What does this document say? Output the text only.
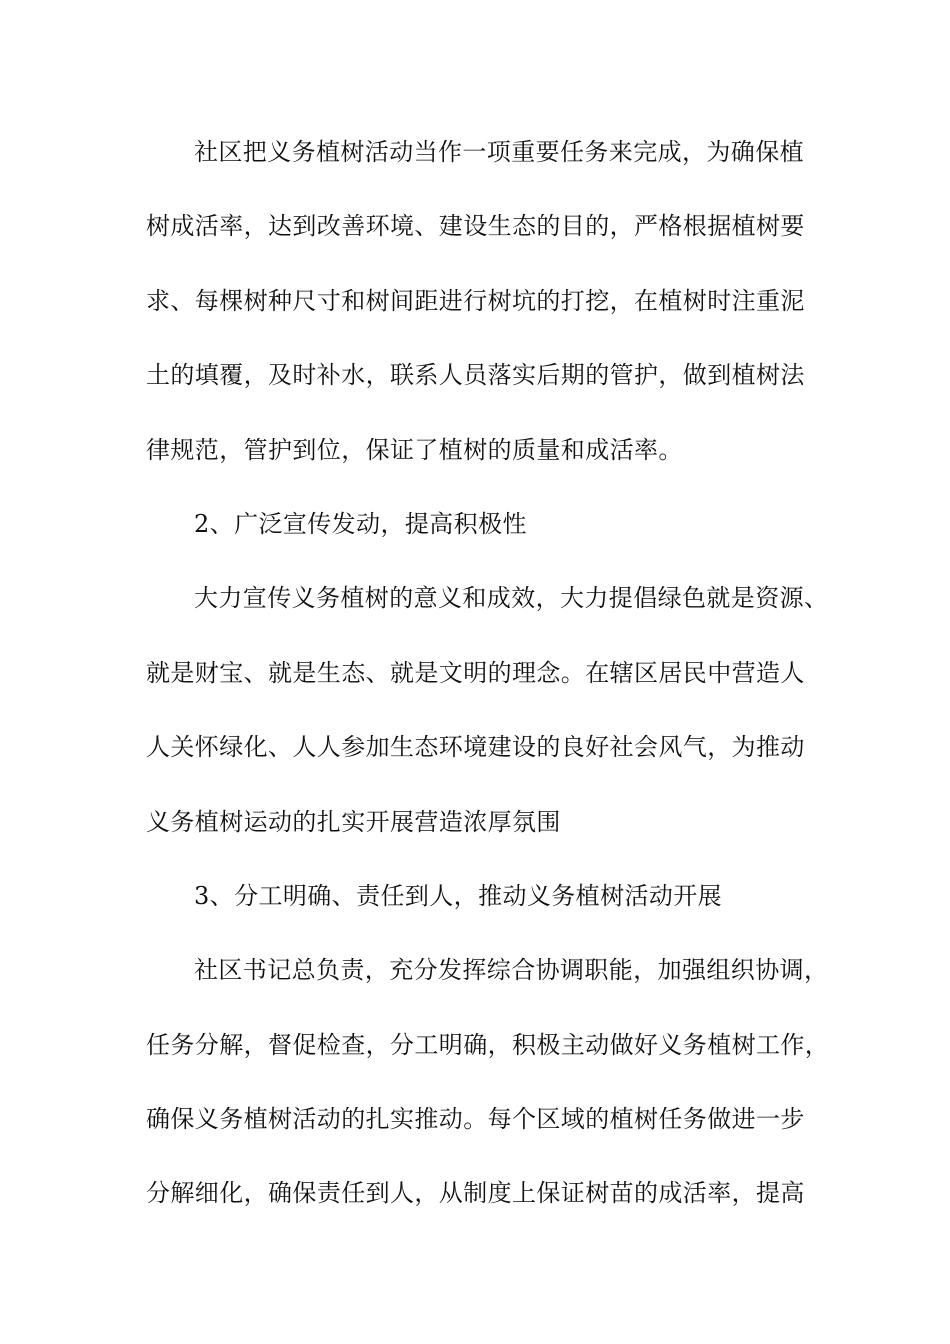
社区把义务植树活动当作一项重要任务来完成，为确保植
树成活率，达到改善环境、建设生态的目的，严格根据植树要
求、每棵树种尺寸和树间距进行树坑的打挖，在植树时注重泥
土的填覆，及时补水，联系人员落实后期的管护，做到植树法
律规范，管护到位，保证了植树的质量和成活率。
2、广泛宣传发动，提高积极性
大力宣传义务植树的意义和成效，大力提倡绿色就是资源、
就是财宝、就是生态、就是文明的理念。在辖区居民中营造人
人关怀绿化、人人参加生态环境建设的良好社会风气，为推动
义务植树运动的扎实开展营造浓厚氛围
3、分工明确、责任到人，推动义务植树活动开展
社区书记总负责，充分发挥综合协调职能，加强组织协调，
任务分解，督促检查，分工明确，积极主动做好义务植树工作，
确保义务植树活动的扎实推动。每个区域的植树任务做进一步
分解细化，确保责任到人，从制度上保证树苗的成活率，提高
